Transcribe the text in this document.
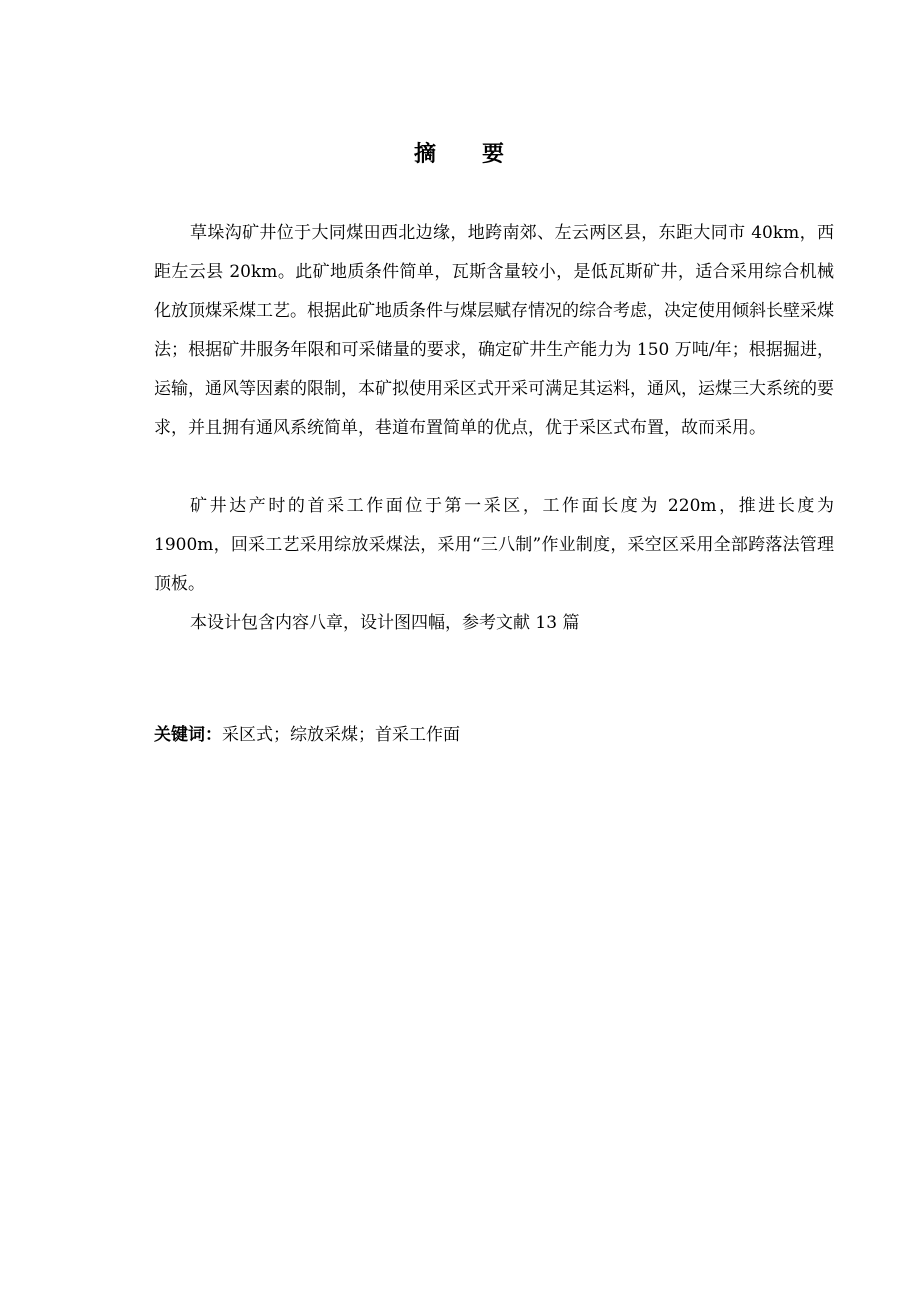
摘 要

草垛沟矿井位于大同煤田西北边缘，地跨南郊、左云两区县，东距大同市 40km，西距左云县 20km。此矿地质条件简单，瓦斯含量较小，是低瓦斯矿井，适合采用综合机械化放顶煤采煤工艺。根据此矿地质条件与煤层赋存情况的综合考虑，决定使用倾斜长壁采煤法；根据矿井服务年限和可采储量的要求，确定矿井生产能力为 150 万吨/年；根据掘进，运输，通风等因素的限制，本矿拟使用采区式开采可满足其运料，通风，运煤三大系统的要求，并且拥有通风系统简单，巷道布置简单的优点，优于采区式布置，故而采用。

矿井达产时的首采工作面位于第一采区，工作面长度为 220m，推进长度为 1900m，回采工艺采用综放采煤法，采用“三八制”作业制度，采空区采用全部跨落法管理顶板。

本设计包含内容八章，设计图四幅，参考文献 13 篇

关键词：采区式；综放采煤；首采工作面
